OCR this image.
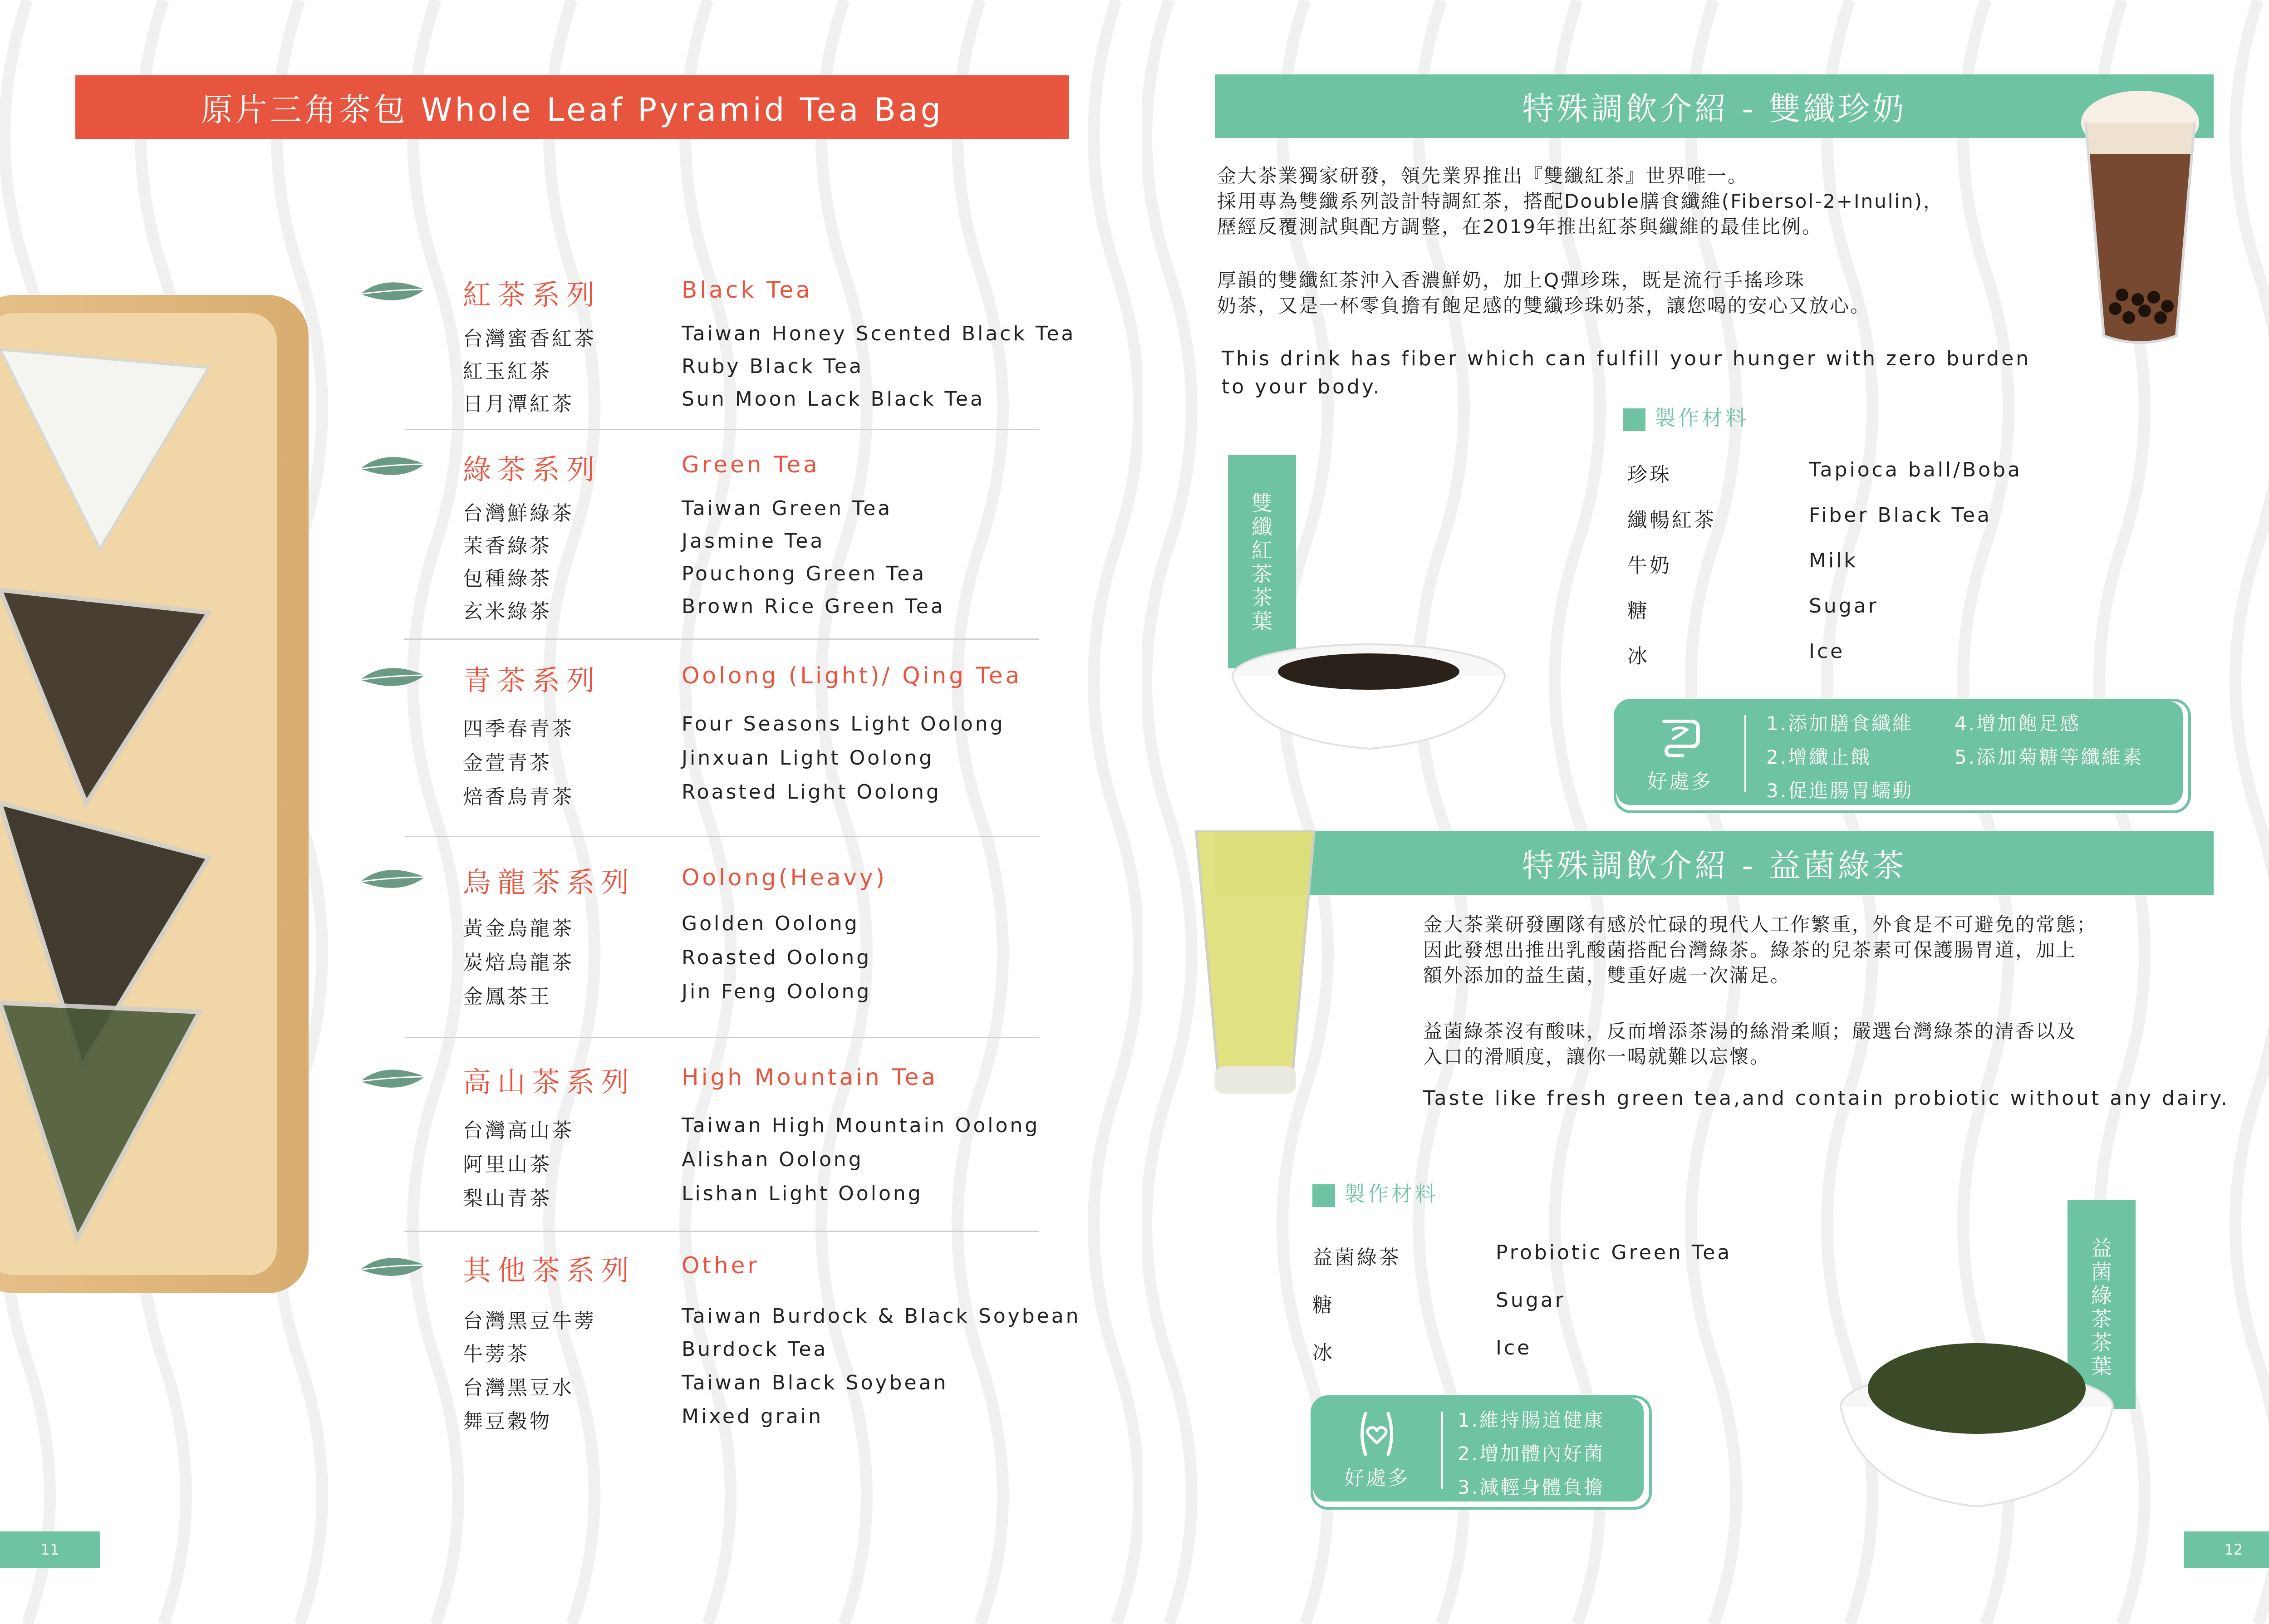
原片三角茶包 Whole Leaf Pyramid Tea Bag
紅茶系列	Black Tea
台灣蜜香紅茶	Taiwan Honey Scented Black Tea
紅玉紅茶	Ruby Black Tea
日月潭紅茶	Sun Moon Lack Black Tea
綠茶系列	Green Tea
台灣鮮綠茶	Taiwan Green Tea
茉香綠茶	Jasmine Tea
包種綠茶	Pouchong Green Tea
玄米綠茶	Brown Rice Green Tea
青茶系列	Oolong (Light)/ Qing Tea
四季春青茶	Four Seasons Light Oolong
金萱青茶	Jinxuan Light Oolong
焙香烏青茶	Roasted Light Oolong
烏龍茶系列 Oolong(Heavy)
黃金烏龍茶	Golden Oolong
炭焙烏龍茶	Roasted Oolong
金鳳茶王	Jin Feng Oolong
高山茶系列 High Mountain Tea
台灣高山茶	Taiwan High Mountain Oolong
阿里山茶	Alishan Oolong
梨山青茶	Lishan Light Oolong
其他茶系列 Other
台灣黑豆牛蒡	Taiwan Burdock & Black Soybean
牛蒡茶	Burdock Tea
台灣黑豆水	Taiwan Black Soybean
舞豆穀物	Mixed grain
11
特殊調飲介紹 - 雙纖珍奶
金大茶業獨家研發，領先業界推出『雙纖紅茶』世界唯一。
採用專為雙纖系列設計特調紅茶，搭配Double膳食纖維(Fibersol-2+Inulin)，
歷經反覆測試與配方調整，在2019年推出紅茶與纖維的最佳比例。
厚韻的雙纖紅茶沖入香濃鮮奶，加上Q彈珍珠，既是流行手搖珍珠
奶茶，又是一杯零負擔有飽足感的雙纖珍珠奶茶，讓您喝的安心又放心。
This drink has fiber which can fulfill your hunger with zero burden
to your body.
製作材料
珍珠	Tapioca ball/Boba
纖暢紅茶	Fiber Black Tea
牛奶	Milk
糖	Sugar
冰	Ice
雙纖紅茶茶葉
好處多
1.添加膳食纖維 4.增加飽足感
2.增纖止餓	5.添加菊糖等纖維素
3.促進腸胃蠕動
特殊調飲介紹 - 益菌綠茶
金大茶業研發團隊有感於忙碌的現代人工作繁重，外食是不可避免的常態；
因此發想出推出乳酸菌搭配台灣綠茶。綠茶的兒茶素可保護腸胃道，加上
額外添加的益生菌，雙重好處一次滿足。
益菌綠茶沒有酸味，反而增添茶湯的絲滑柔順；嚴選台灣綠茶的清香以及
入口的滑順度，讓你一喝就難以忘懷。
Taste like fresh green tea,and contain probiotic without any dairy.
製作材料
益菌綠茶	Probiotic Green Tea
糖	Sugar
冰	Ice
益菌綠茶茶葉
好處多
1.維持腸道健康
2.增加體內好菌
3.減輕身體負擔
12
